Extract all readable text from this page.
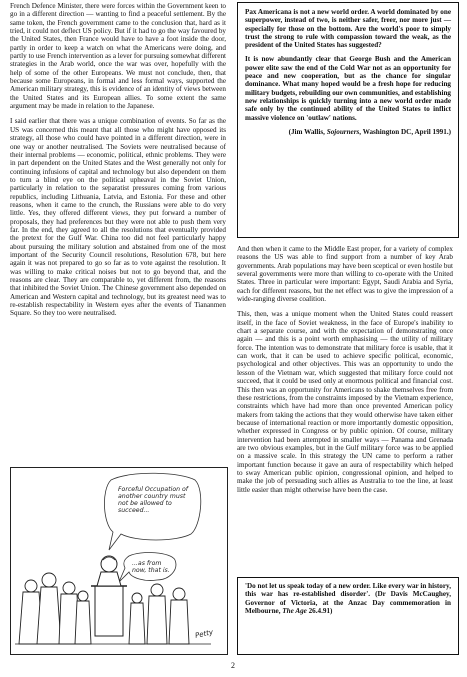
French Defence Minister, there were forces within the Government keen to go in a different direction — wanting to find a peaceful settlement. By the same token, the French government came to the conclusion that, hard as it tried, it could not deflect US policy. But if it had to go the way favoured by the United States, then France would have to have a foot inside the door, partly in order to keep a watch on what the Americans were doing, and partly to use French intervention as a lever for pursuing somewhat different strategies in the Arab world, once the war was over, hopefully with the help of some of the other Europeans. We must not conclude, then, that because some Europeans, in formal and less formal ways, supported the American military strategy, this is evidence of an identity of views between the United States and its European allies. To some extent the same argument may be made in relation to the Japanese.

I said earlier that there was a unique combination of events. So far as the US was concerned this meant that all those who might have opposed its strategy, all those who could have pointed in a different direction, were in one way or another neutralised. The Soviets were neutralised because of their internal problems — economic, political, ethnic problems. They were in part dependent on the United States and the West generally not only for continuing infusions of capital and technology but also dependent on them to turn a blind eye on the political upheaval in the Soviet Union, particularly in relation to the separatist pressures coming from various republics, including Lithuania, Latvia, and Estonia. For these and other reasons, when it came to the crunch, the Russians were able to do very little. Yes, they offered different views, they put forward a number of proposals, they had preferences but they were not able to push them very far. In the end, they agreed to all the resolutions that eventually provided the pretext for the Gulf War. China too did not feel particularly happy about pursuing the military solution and abstained from one of the most important of the Security Council resolutions, Resolution 678, but here again it was not prepared to go so far as to vote against the resolution. It was willing to make critical noises but not to go beyond that, and the reasons are clear. They are comparable to, yet different from, the reasons that inhibited the Soviet Union. The Chinese government also depended on American and Western capital and technology, but its greatest need was to re-establish respectability in Western eyes after the events of Tiananmen Square. So they too were neutralised.

Pax Americana is not a new world order. A world dominated by one superpower, instead of two, is neither safer, freer, nor more just — especially for those on the bottom. Are the world's poor to simply trust the strong to rule with compassion toward the weak, as the president of the United States has suggested?

It is now abundantly clear that George Bush and the American power elite saw the end of the Cold War not as an opportunity for peace and new cooperation, but as the chance for singular dominance. What many hoped would be a fresh hope for reducing military budgets, rebuilding our own communities, and establishing new relationships is quickly turning into a new world order made safe only by the continued ability of the United States to inflict massive violence on 'outlaw' nations.

(Jim Wallis, Sojourners, Washington DC, April 1991.)

And then when it came to the Middle East proper, for a variety of complex reasons the US was able to find support from a number of key Arab governments. Arab populations may have been sceptical or even hostile but several governments were more than willing to co-operate with the United States. Three in particular were important: Egypt, Saudi Arabia and Syria, each for different reasons, but the net effect was to give the impression of a wide-ranging diverse coalition.

This, then, was a unique moment when the United States could reassert itself, in the face of Soviet weakness, in the face of Europe's inability to chart a separate course, and with the expectation of demonstrating once again — and this is a point worth emphasising — the utility of military force. The intention was to demonstrate that military force is usable, that it can work, that it can be used to achieve specific political, economic, psychological and other objectives. This was an opportunity to undo the lesson of the Vietnam war, which suggested that military force could not succeed, that it could be used only at enormous political and financial cost. This then was an opportunity for Americans to shake themselves free from these restrictions, from the constraints imposed by the Vietnam experience, constraints which have had more than once prevented American policy makers from taking the actions that they would otherwise have taken either because of international reaction or more importantly domestic opposition, whether expressed in Congress or by public opinion. Of course, military intervention had been attempted in smaller ways — Panama and Grenada are two obvious examples, but in the Gulf military force was to be applied on a massive scale. In this strategy the UN came to perform a rather important function because it gave an aura of respectability which helped to sway American public opinion, congressional opinion, and helped to make the job of persuading such allies as Australia to toe the line, at least little easier than might otherwise have been the case.

Forceful Occupation of another country must not be allowed to succeed...
...as from now, that is.
Petty

'Do not let us speak today of a new order. Like every war in history, this war has re-established disorder'. (Dr Davis McCaughey, Governor of Victoria, at the Anzac Day commemoration in Melbourne, The Age 26.4.91)

2
